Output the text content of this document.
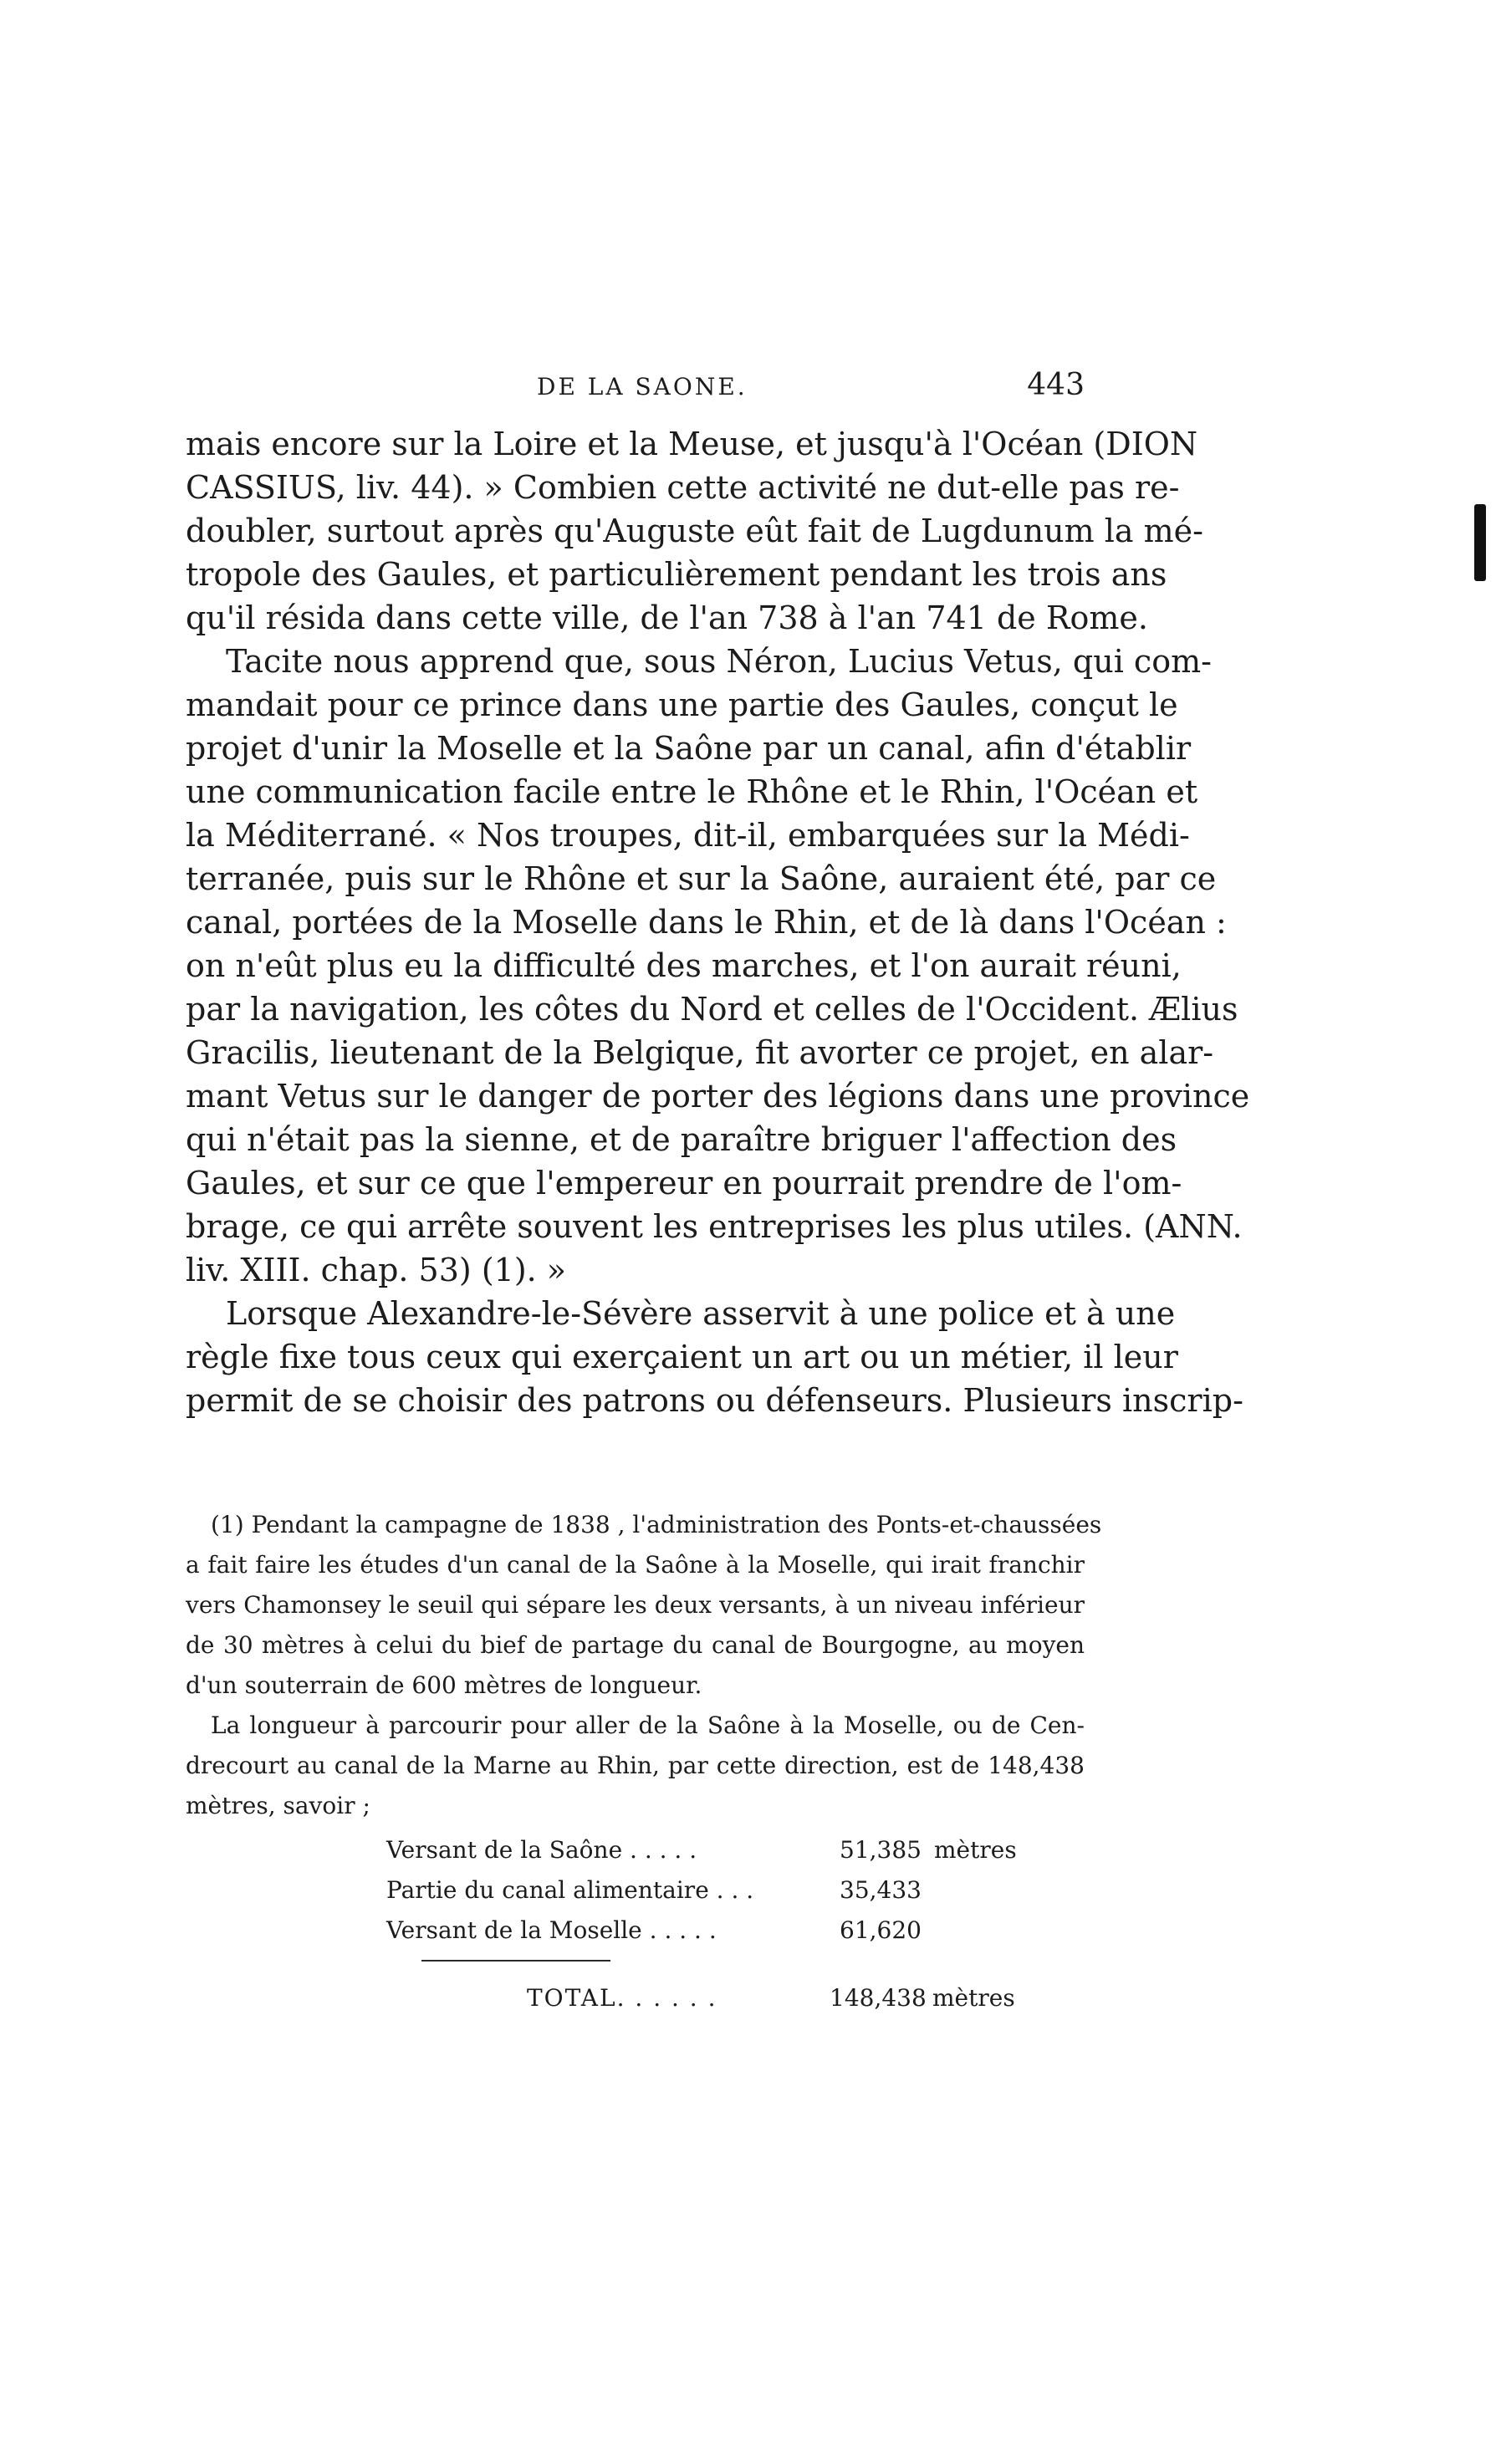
DE LA SAONE.	443
mais encore sur la Loire et la Meuse, et jusqu'à l'Océan (DION
CASSIUS, liv. 44). » Combien cette activité ne dut-elle pas re-
doubler, surtout après qu'Auguste eût fait de Lugdunum la mé-
tropole des Gaules, et particulièrement pendant les trois ans
qu'il résida dans cette ville, de l'an 738 à l'an 741 de Rome.
Tacite nous apprend que, sous Néron, Lucius Vetus, qui com-
mandait pour ce prince dans une partie des Gaules, conçut le
projet d'unir la Moselle et la Saône par un canal, afin d'établir
une communication facile entre le Rhône et le Rhin, l'Océan et
la Méditerrané. « Nos troupes, dit-il, embarquées sur la Médi-
terranée, puis sur le Rhône et sur la Saône, auraient été, par ce
canal, portées de la Moselle dans le Rhin, et de là dans l'Océan :
on n'eût plus eu la difficulté des marches, et l'on aurait réuni,
par la navigation, les côtes du Nord et celles de l'Occident. Ælius
Gracilis, lieutenant de la Belgique, fit avorter ce projet, en alar-
mant Vetus sur le danger de porter des légions dans une province
qui n'était pas la sienne, et de paraître briguer l'affection des
Gaules, et sur ce que l'empereur en pourrait prendre de l'om-
brage, ce qui arrête souvent les entreprises les plus utiles. (ANN.
liv. XIII. chap. 53) (1). »
Lorsque Alexandre-le-Sévère asservit à une police et à une
règle fixe tous ceux qui exerçaient un art ou un métier, il leur
permit de se choisir des patrons ou défenseurs. Plusieurs inscrip-
(1) Pendant la campagne de 1838 , l'administration des Ponts-et-chaussées
a fait faire les études d'un canal de la Saône à la Moselle, qui irait franchir
vers Chamonsey le seuil qui sépare les deux versants, à un niveau inférieur
de 30 mètres à celui du bief de partage du canal de Bourgogne, au moyen
d'un souterrain de 600 mètres de longueur.
La longueur à parcourir pour aller de la Saône à la Moselle, ou de Cen-
drecourt au canal de la Marne au Rhin, par cette direction, est de 148,438
mètres, savoir ;
Versant de la Saône . . . . .	51,385 mètres
Partie du canal alimentaire . . .	35,433
Versant de la Moselle . . . . .	61,620
TOTAL. . . . . .	148,438 mètres
